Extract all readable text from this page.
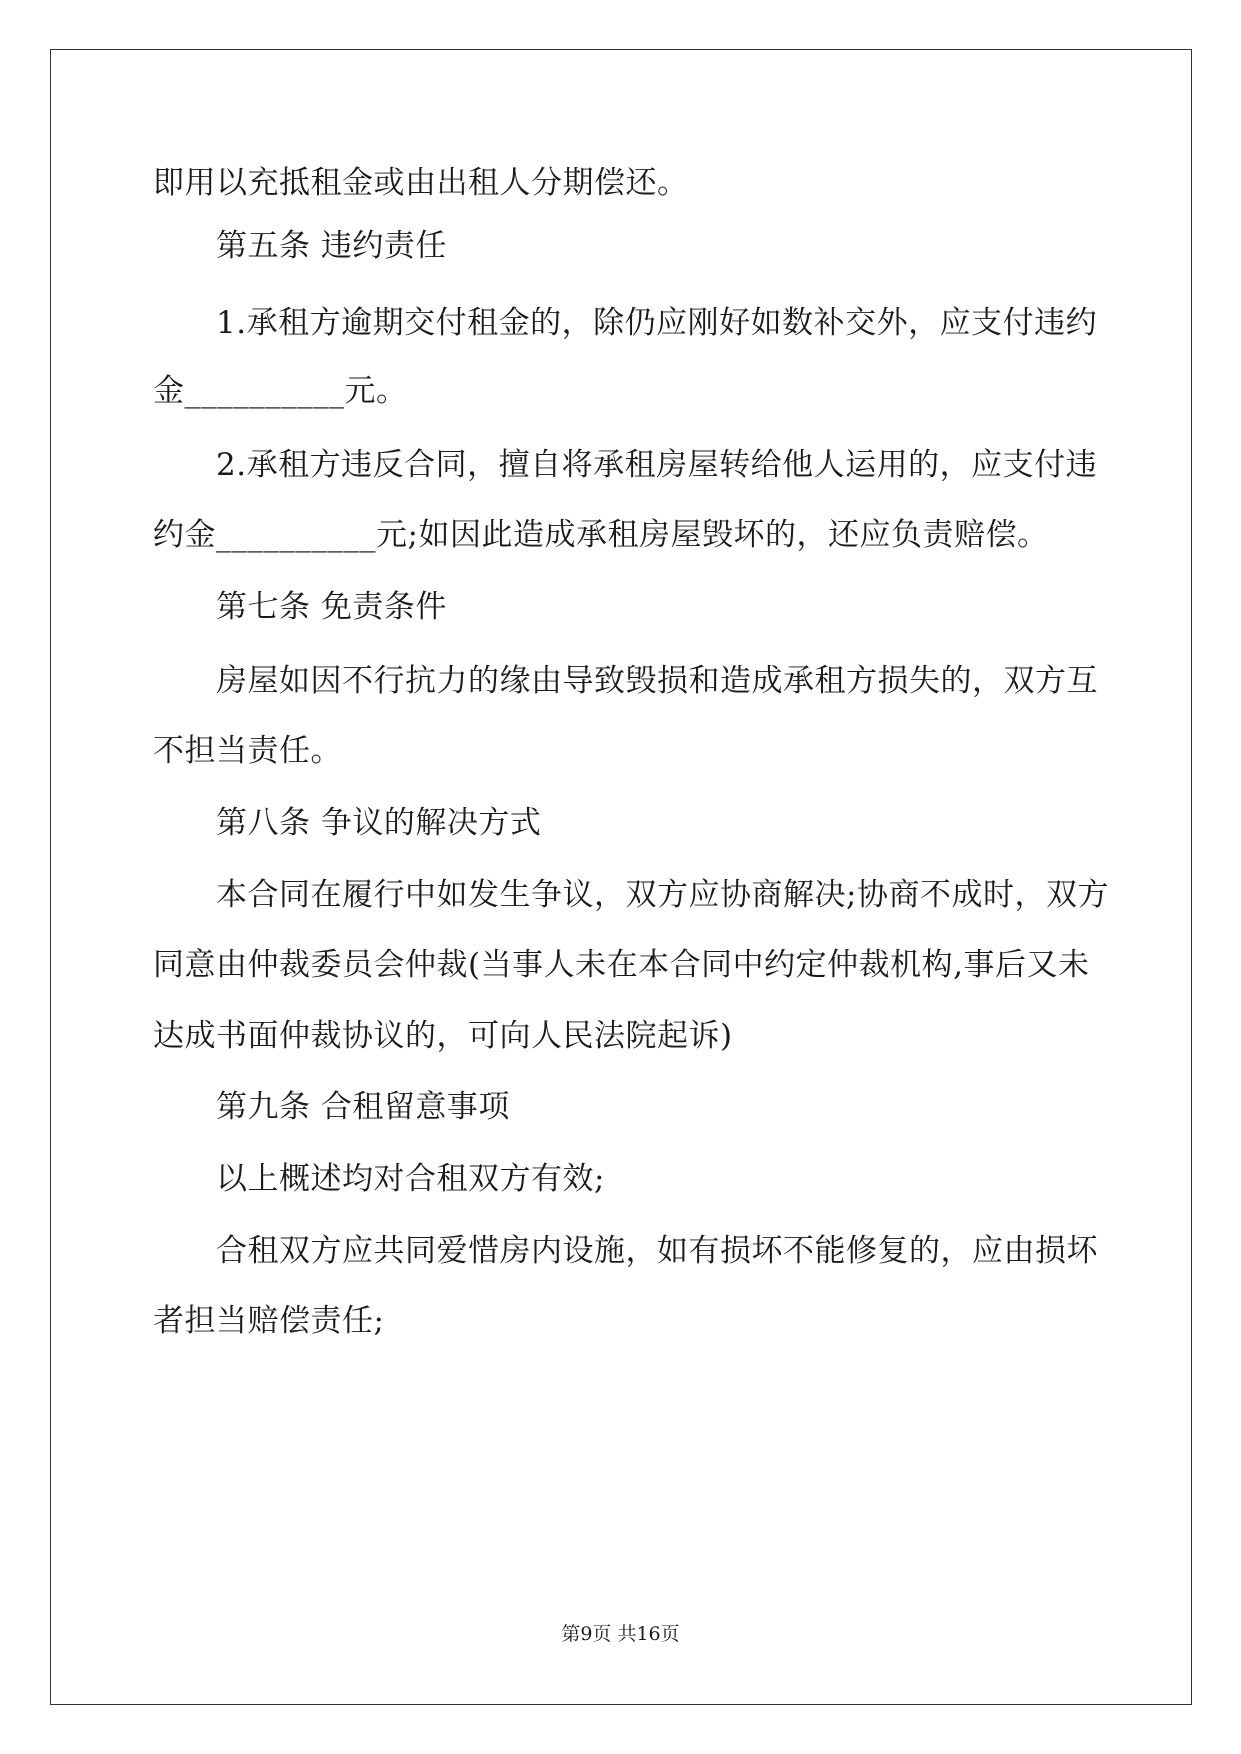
即用以充抵租金或由出租人分期偿还。
第五条 违约责任
1.承租方逾期交付租金的，除仍应刚好如数补交外，应支付违约
金__________元。
2.承租方违反合同，擅自将承租房屋转给他人运用的，应支付违
约金__________元;如因此造成承租房屋毁坏的，还应负责赔偿。
第七条 免责条件
房屋如因不行抗力的缘由导致毁损和造成承租方损失的，双方互
不担当责任。
第八条 争议的解决方式
本合同在履行中如发生争议，双方应协商解决;协商不成时，双方
同意由仲裁委员会仲裁(当事人未在本合同中约定仲裁机构,事后又未
达成书面仲裁协议的，可向人民法院起诉)
第九条 合租留意事项
以上概述均对合租双方有效;
合租双方应共同爱惜房内设施，如有损坏不能修复的，应由损坏
者担当赔偿责任;
第9页 共16页
